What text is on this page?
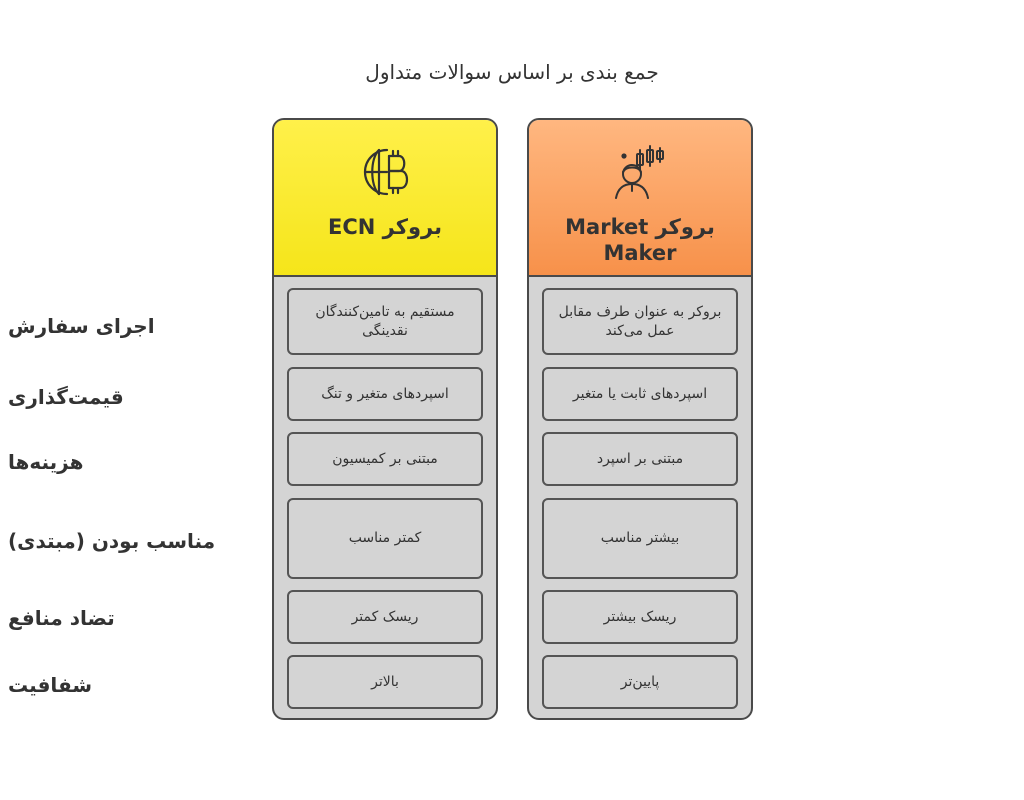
جمع بندی بر اساس سوالات متداول
اجرای سفارش
قیمت‌گذاری
هزینه‌ها
مناسب بودن (مبتدی)
تضاد منافع
شفافیت
بروکر ECN
مستقیم به تامین‌کنندگان نقدینگی
اسپردهای متغیر و تنگ
مبتنی بر کمیسیون
کمتر مناسب
ریسک کمتر
بالاتر
بروکر Market Maker
بروکر به عنوان طرف مقابل عمل می‌کند
اسپردهای ثابت یا متغیر
مبتنی بر اسپرد
بیشتر مناسب
ریسک بیشتر
پایین‌تر
